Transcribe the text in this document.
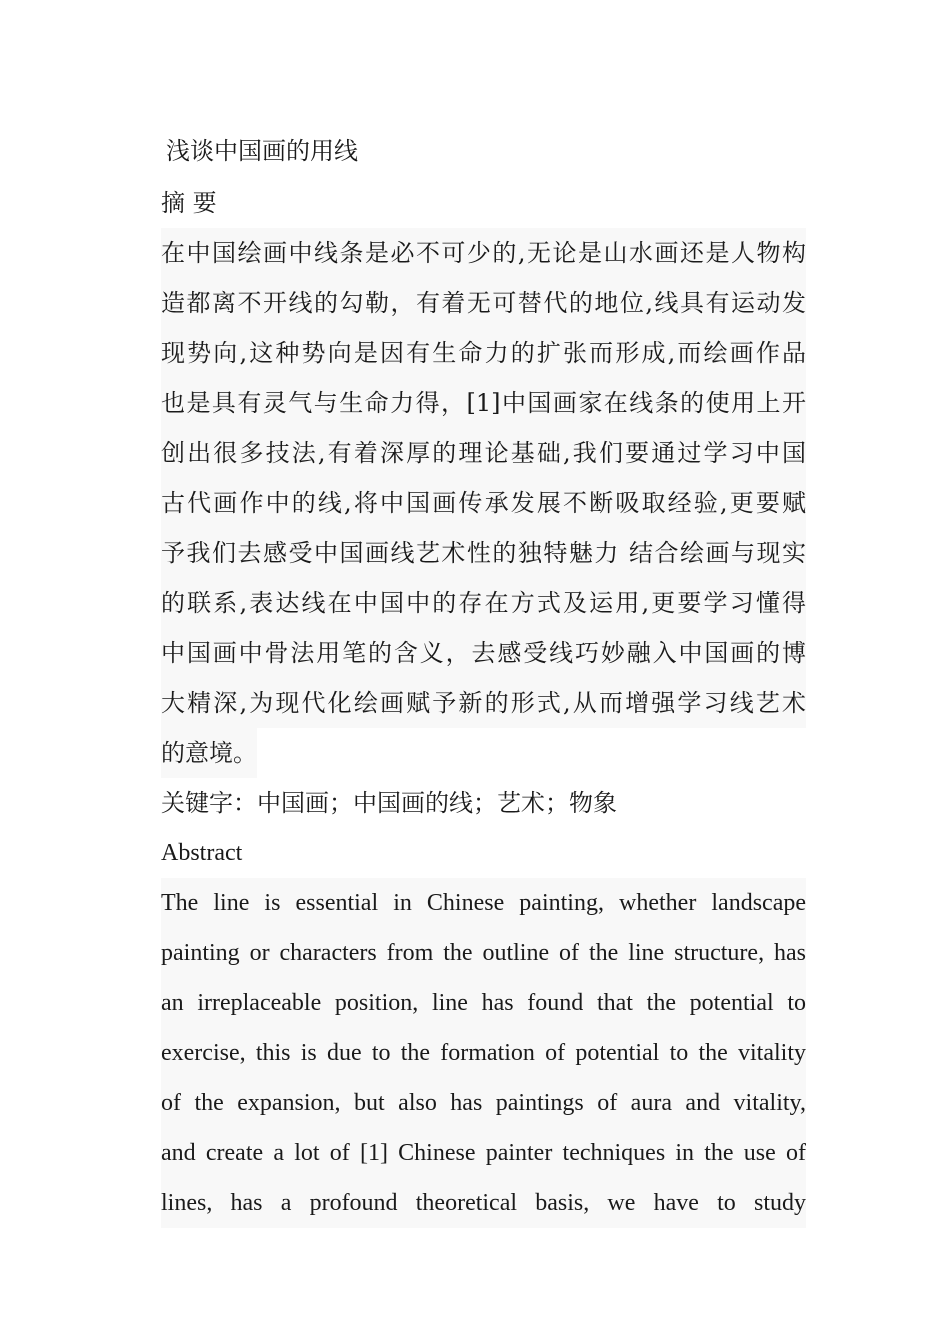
浅谈中国画的用线

摘 要

在中国绘画中线条是必不可少的,无论是山水画还是人物构

造都离不开线的勾勒，有着无可替代的地位,线具有运动发

现势向,这种势向是因有生命力的扩张而形成,而绘画作品

也是具有灵气与生命力得，[1]中国画家在线条的使用上开

创出很多技法,有着深厚的理论基础,我们要通过学习中国

古代画作中的线,将中国画传承发展不断吸取经验,更要赋

予我们去感受中国画线艺术性的独特魅力 结合绘画与现实

的联系,表达线在中国中的存在方式及运用,更要学习懂得

中国画中骨法用笔的含义，去感受线巧妙融入中国画的博

大精深,为现代化绘画赋予新的形式,从而增强学习线艺术

的意境。

关键字：中国画；中国画的线；艺术；物象

Abstract

The line is essential in Chinese painting, whether landscape

painting or characters from the outline of the line structure, has

an irreplaceable position, line has found that the potential to

exercise, this is due to the formation of potential to the vitality

of the expansion, but also has paintings of aura and vitality,

and create a lot of [1] Chinese painter techniques in the use of

lines, has a profound theoretical basis, we have to study
